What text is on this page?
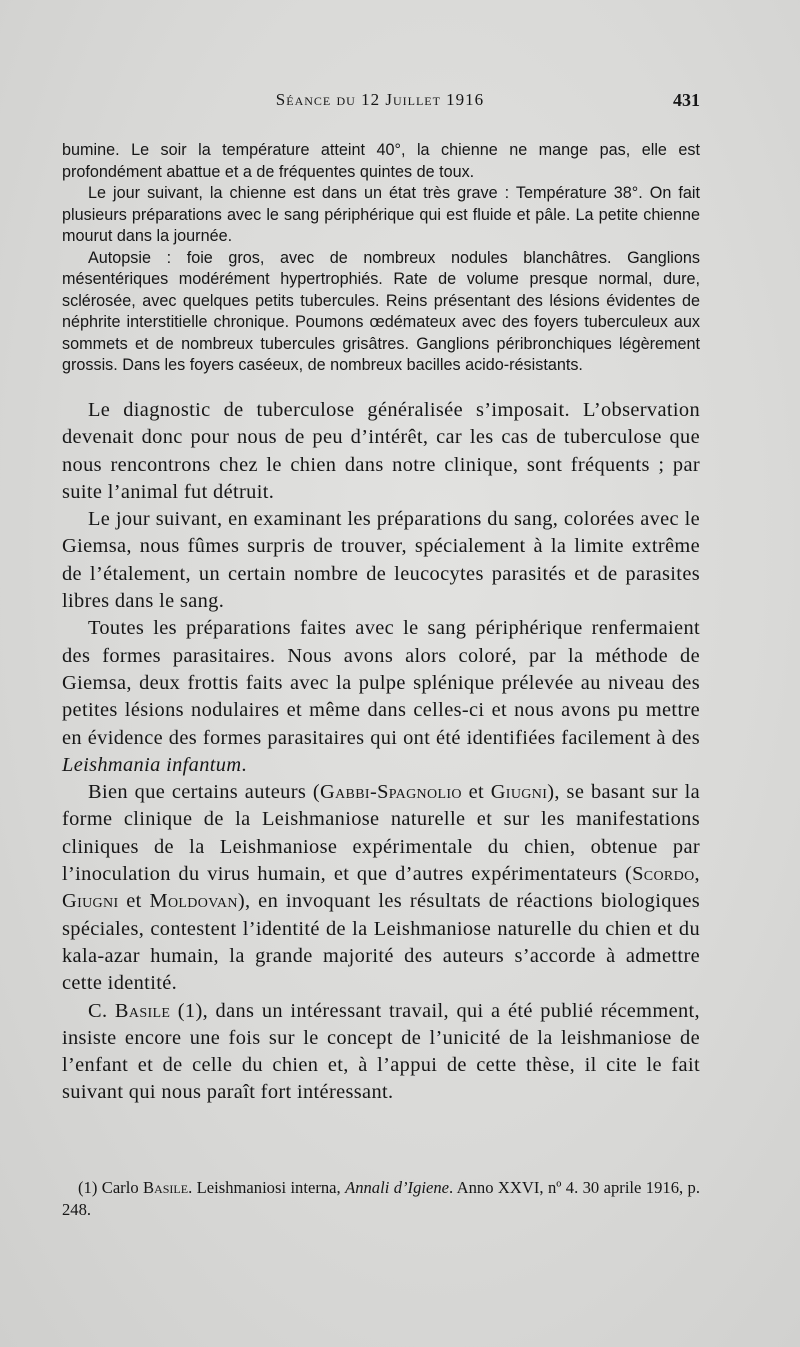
Séance du 12 Juillet 1916	431

bumine. Le soir la température atteint 40°, la chienne ne mange pas, elle est profondément abattue et a de fréquentes quintes de toux.

Le jour suivant, la chienne est dans un état très grave : Température 38°. On fait plusieurs préparations avec le sang périphérique qui est fluide et pâle. La petite chienne mourut dans la journée.

Autopsie : foie gros, avec de nombreux nodules blanchâtres. Ganglions mésentériques modérément hypertrophiés. Rate de volume presque normal, dure, sclérosée, avec quelques petits tubercules. Reins présentant des lésions évidentes de néphrite interstitielle chronique. Poumons œdémateux avec des foyers tuberculeux aux sommets et de nombreux tubercules grisâtres. Ganglions péribronchiques légèrement grossis. Dans les foyers caséeux, de nombreux bacilles acido-résistants.

Le diagnostic de tuberculose généralisée s’imposait. L’observation devenait donc pour nous de peu d’intérêt, car les cas de tuberculose que nous rencontrons chez le chien dans notre clinique, sont fréquents ; par suite l’animal fut détruit.

Le jour suivant, en examinant les préparations du sang, colorées avec le Giemsa, nous fûmes surpris de trouver, spécialement à la limite extrême de l’étalement, un certain nombre de leucocytes parasités et de parasites libres dans le sang.

Toutes les préparations faites avec le sang périphérique renfermaient des formes parasitaires. Nous avons alors coloré, par la méthode de Giemsa, deux frottis faits avec la pulpe splénique prélevée au niveau des petites lésions nodulaires et même dans celles-ci et nous avons pu mettre en évidence des formes parasitaires qui ont été identifiées facilement à des Leishmania infantum.

Bien que certains auteurs (Gabbi-Spagnolio et Giugni), se basant sur la forme clinique de la Leishmaniose naturelle et sur les manifestations cliniques de la Leishmaniose expérimentale du chien, obtenue par l’inoculation du virus humain, et que d’autres expérimentateurs (Scordo, Giugni et Moldovan), en invoquant les résultats de réactions biologiques spéciales, contestent l’identité de la Leishmaniose naturelle du chien et du kala-azar humain, la grande majorité des auteurs s’accorde à admettre cette identité.

C. Basile (1), dans un intéressant travail, qui a été publié récemment, insiste encore une fois sur le concept de l’unicité de la leishmaniose de l’enfant et de celle du chien et, à l’appui de cette thèse, il cite le fait suivant qui nous paraît fort intéressant.

(1) Carlo Basile. Leishmaniosi interna, Annali d’Igiene. Anno XXVI, nº 4. 30 aprile 1916, p. 248.
